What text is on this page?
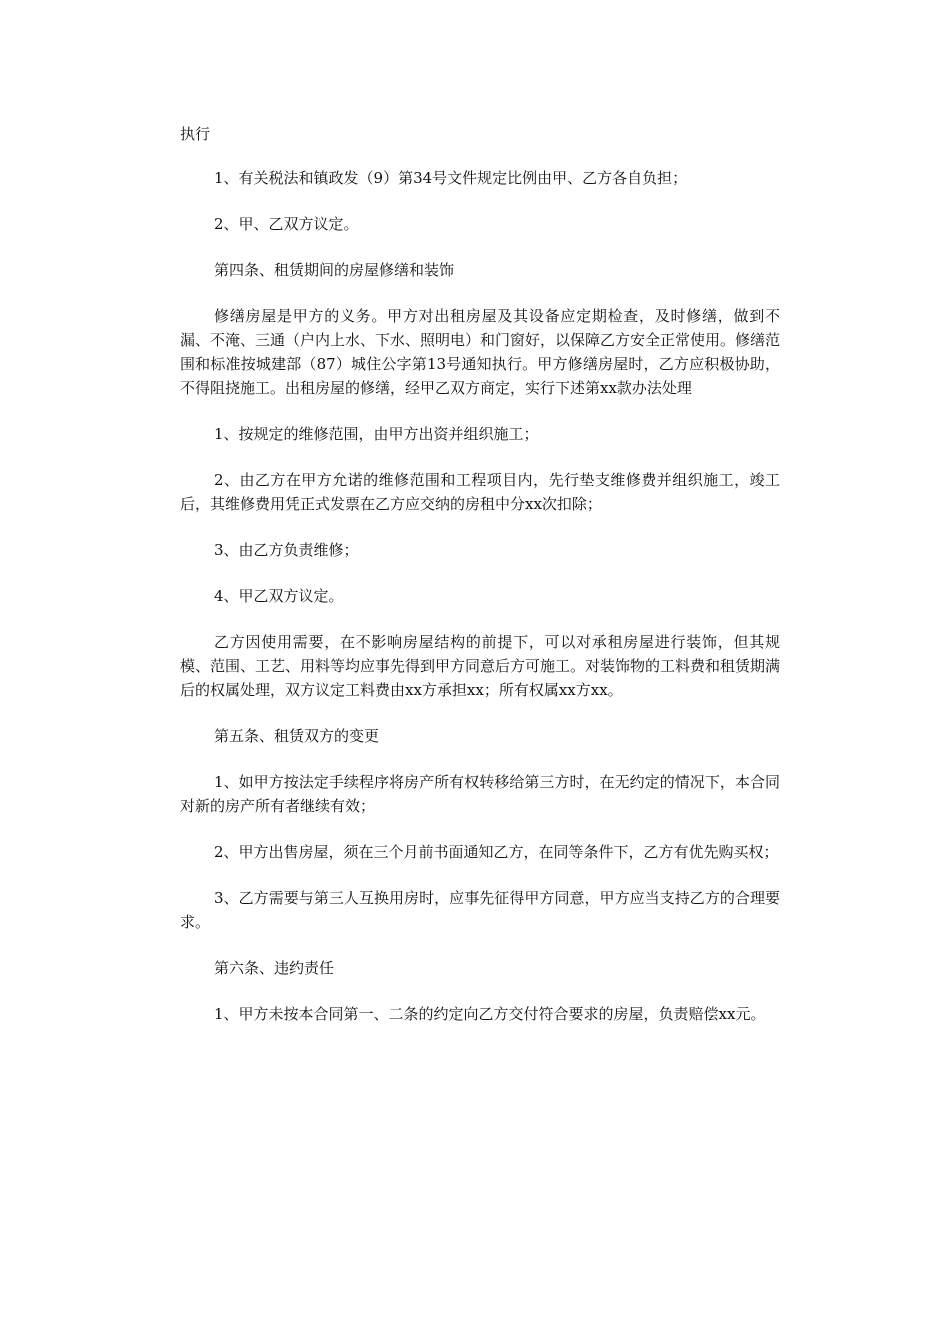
执行

1、有关税法和镇政发（9）第34号文件规定比例由甲、乙方各自负担；

2、甲、乙双方议定。

第四条、租赁期间的房屋修缮和装饰

修缮房屋是甲方的义务。甲方对出租房屋及其设备应定期检查，及时修缮，做到不漏、不淹、三通（户内上水、下水、照明电）和门窗好，以保障乙方安全正常使用。修缮范围和标准按城建部（87）城住公字第13号通知执行。甲方修缮房屋时，乙方应积极协助，不得阻挠施工。出租房屋的修缮，经甲乙双方商定，实行下述第xx款办法处理

1、按规定的维修范围，由甲方出资并组织施工；

2、由乙方在甲方允诺的维修范围和工程项目内，先行垫支维修费并组织施工，竣工后，其维修费用凭正式发票在乙方应交纳的房租中分xx次扣除；

3、由乙方负责维修；

4、甲乙双方议定。

乙方因使用需要，在不影响房屋结构的前提下，可以对承租房屋进行装饰，但其规模、范围、工艺、用料等均应事先得到甲方同意后方可施工。对装饰物的工料费和租赁期满后的权属处理，双方议定工料费由xx方承担xx；所有权属xx方xx。

第五条、租赁双方的变更

1、如甲方按法定手续程序将房产所有权转移给第三方时，在无约定的情况下，本合同对新的房产所有者继续有效；

2、甲方出售房屋，须在三个月前书面通知乙方，在同等条件下，乙方有优先购买权；

3、乙方需要与第三人互换用房时，应事先征得甲方同意，甲方应当支持乙方的合理要求。

第六条、违约责任

1、甲方未按本合同第一、二条的约定向乙方交付符合要求的房屋，负责赔偿xx元。
